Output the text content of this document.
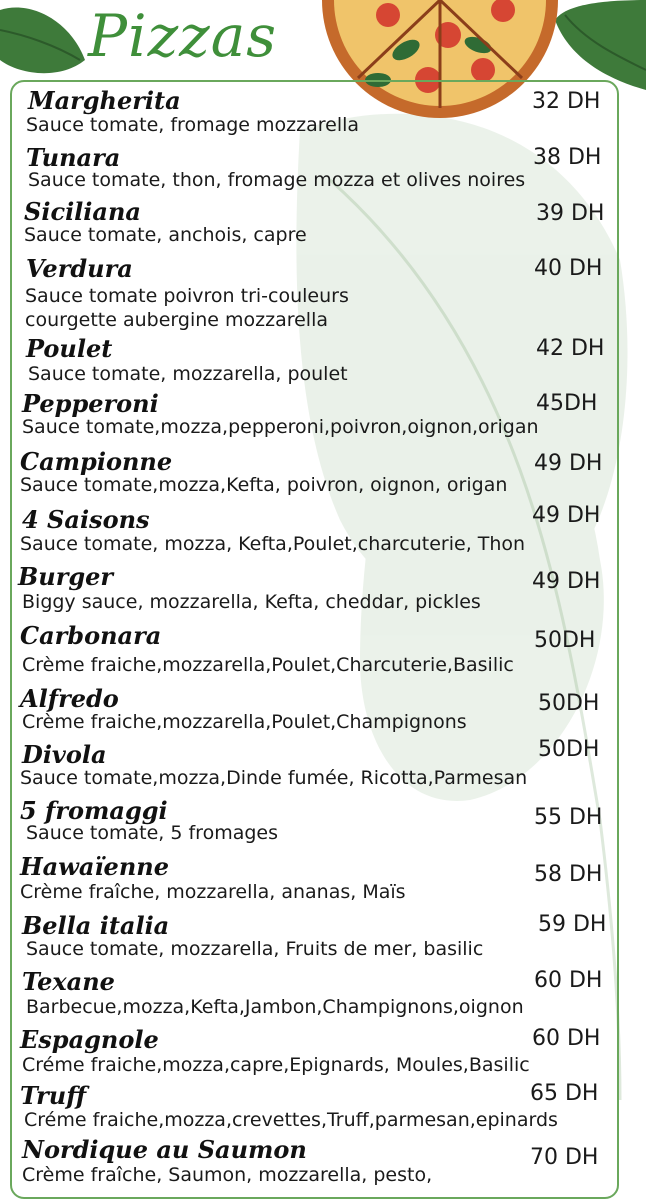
Pizzas
Margherita
Sauce tomate, fromage mozzarella
32 DH
Tunara
Sauce tomate, thon, fromage mozza et olives noires
38 DH
Siciliana
Sauce tomate, anchois, capre
39 DH
Verdura
Sauce tomate poivron tri-couleurs
courgette aubergine mozzarella
40 DH
Poulet
Sauce tomate, mozzarella, poulet
42 DH
Pepperoni
Sauce tomate,mozza,pepperoni,poivron,oignon,origan
45DH
Campionne
Sauce tomate,mozza,Kefta, poivron, oignon, origan
49 DH
4 Saisons
Sauce tomate, mozza, Kefta,Poulet,charcuterie, Thon
49 DH
Burger
Biggy sauce, mozzarella, Kefta, cheddar, pickles
49 DH
Carbonara
Crème fraiche,mozzarella,Poulet,Charcuterie,Basilic
50DH
Alfredo
Crème fraiche,mozzarella,Poulet,Champignons
50DH
Divola
Sauce tomate,mozza,Dinde fumée, Ricotta,Parmesan
50DH
5 fromaggi
Sauce tomate, 5 fromages
55 DH
Hawaïenne
Crème fraîche, mozzarella, ananas, Maïs
58 DH
Bella italia
Sauce tomate, mozzarella, Fruits de mer, basilic
59 DH
Texane
Barbecue,mozza,Kefta,Jambon,Champignons,oignon
60 DH
Espagnole
Créme fraiche,mozza,capre,Epignards, Moules,Basilic
60 DH
Truff
Créme fraiche,mozza,crevettes,Truff,parmesan,epinards
65 DH
Nordique au Saumon
Crème fraîche, Saumon, mozzarella, pesto,
70 DH
